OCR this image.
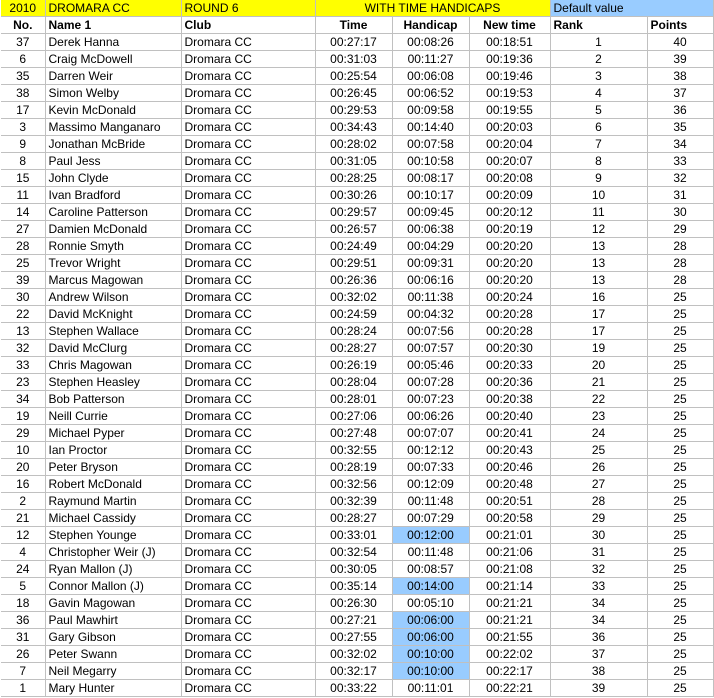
2010	DROMARA CC	ROUND 6	WITH TIME HANDICAPS			Default value	
No.	Name 1	Club	Time	Handicap	New time	Rank	Points
37	Derek Hanna	Dromara CC	00:27:17	00:08:26	00:18:51	1	40
6	Craig McDowell	Dromara CC	00:31:03	00:11:27	00:19:36	2	39
35	Darren Weir	Dromara CC	00:25:54	00:06:08	00:19:46	3	38
38	Simon Welby	Dromara CC	00:26:45	00:06:52	00:19:53	4	37
17	Kevin McDonald	Dromara CC	00:29:53	00:09:58	00:19:55	5	36
3	Massimo Manganaro	Dromara CC	00:34:43	00:14:40	00:20:03	6	35
9	Jonathan McBride	Dromara CC	00:28:02	00:07:58	00:20:04	7	34
8	Paul Jess	Dromara CC	00:31:05	00:10:58	00:20:07	8	33
15	John Clyde	Dromara CC	00:28:25	00:08:17	00:20:08	9	32
11	Ivan Bradford	Dromara CC	00:30:26	00:10:17	00:20:09	10	31
14	Caroline Patterson	Dromara CC	00:29:57	00:09:45	00:20:12	11	30
27	Damien McDonald	Dromara CC	00:26:57	00:06:38	00:20:19	12	29
28	Ronnie Smyth	Dromara CC	00:24:49	00:04:29	00:20:20	13	28
25	Trevor Wright	Dromara CC	00:29:51	00:09:31	00:20:20	13	28
39	Marcus Magowan	Dromara CC	00:26:36	00:06:16	00:20:20	13	28
30	Andrew Wilson	Dromara CC	00:32:02	00:11:38	00:20:24	16	25
22	David McKnight	Dromara CC	00:24:59	00:04:32	00:20:28	17	25
13	Stephen Wallace	Dromara CC	00:28:24	00:07:56	00:20:28	17	25
32	David McClurg	Dromara CC	00:28:27	00:07:57	00:20:30	19	25
33	Chris Magowan	Dromara CC	00:26:19	00:05:46	00:20:33	20	25
23	Stephen Heasley	Dromara CC	00:28:04	00:07:28	00:20:36	21	25
34	Bob Patterson	Dromara CC	00:28:01	00:07:23	00:20:38	22	25
19	Neill Currie	Dromara CC	00:27:06	00:06:26	00:20:40	23	25
29	Michael Pyper	Dromara CC	00:27:48	00:07:07	00:20:41	24	25
10	Ian Proctor	Dromara CC	00:32:55	00:12:12	00:20:43	25	25
20	Peter Bryson	Dromara CC	00:28:19	00:07:33	00:20:46	26	25
16	Robert McDonald	Dromara CC	00:32:56	00:12:09	00:20:48	27	25
2	Raymund Martin	Dromara CC	00:32:39	00:11:48	00:20:51	28	25
21	Michael Cassidy	Dromara CC	00:28:27	00:07:29	00:20:58	29	25
12	Stephen Younge	Dromara CC	00:33:01	00:12:00	00:21:01	30	25
4	Christopher Weir (J)	Dromara CC	00:32:54	00:11:48	00:21:06	31	25
24	Ryan Mallon (J)	Dromara CC	00:30:05	00:08:57	00:21:08	32	25
5	Connor Mallon (J)	Dromara CC	00:35:14	00:14:00	00:21:14	33	25
18	Gavin Magowan	Dromara CC	00:26:30	00:05:10	00:21:21	34	25
36	Paul Mawhirt	Dromara CC	00:27:21	00:06:00	00:21:21	34	25
31	Gary Gibson	Dromara CC	00:27:55	00:06:00	00:21:55	36	25
26	Peter Swann	Dromara CC	00:32:02	00:10:00	00:22:02	37	25
7	Neil Megarry	Dromara CC	00:32:17	00:10:00	00:22:17	38	25
1	Mary Hunter	Dromara CC	00:33:22	00:11:01	00:22:21	39	25
